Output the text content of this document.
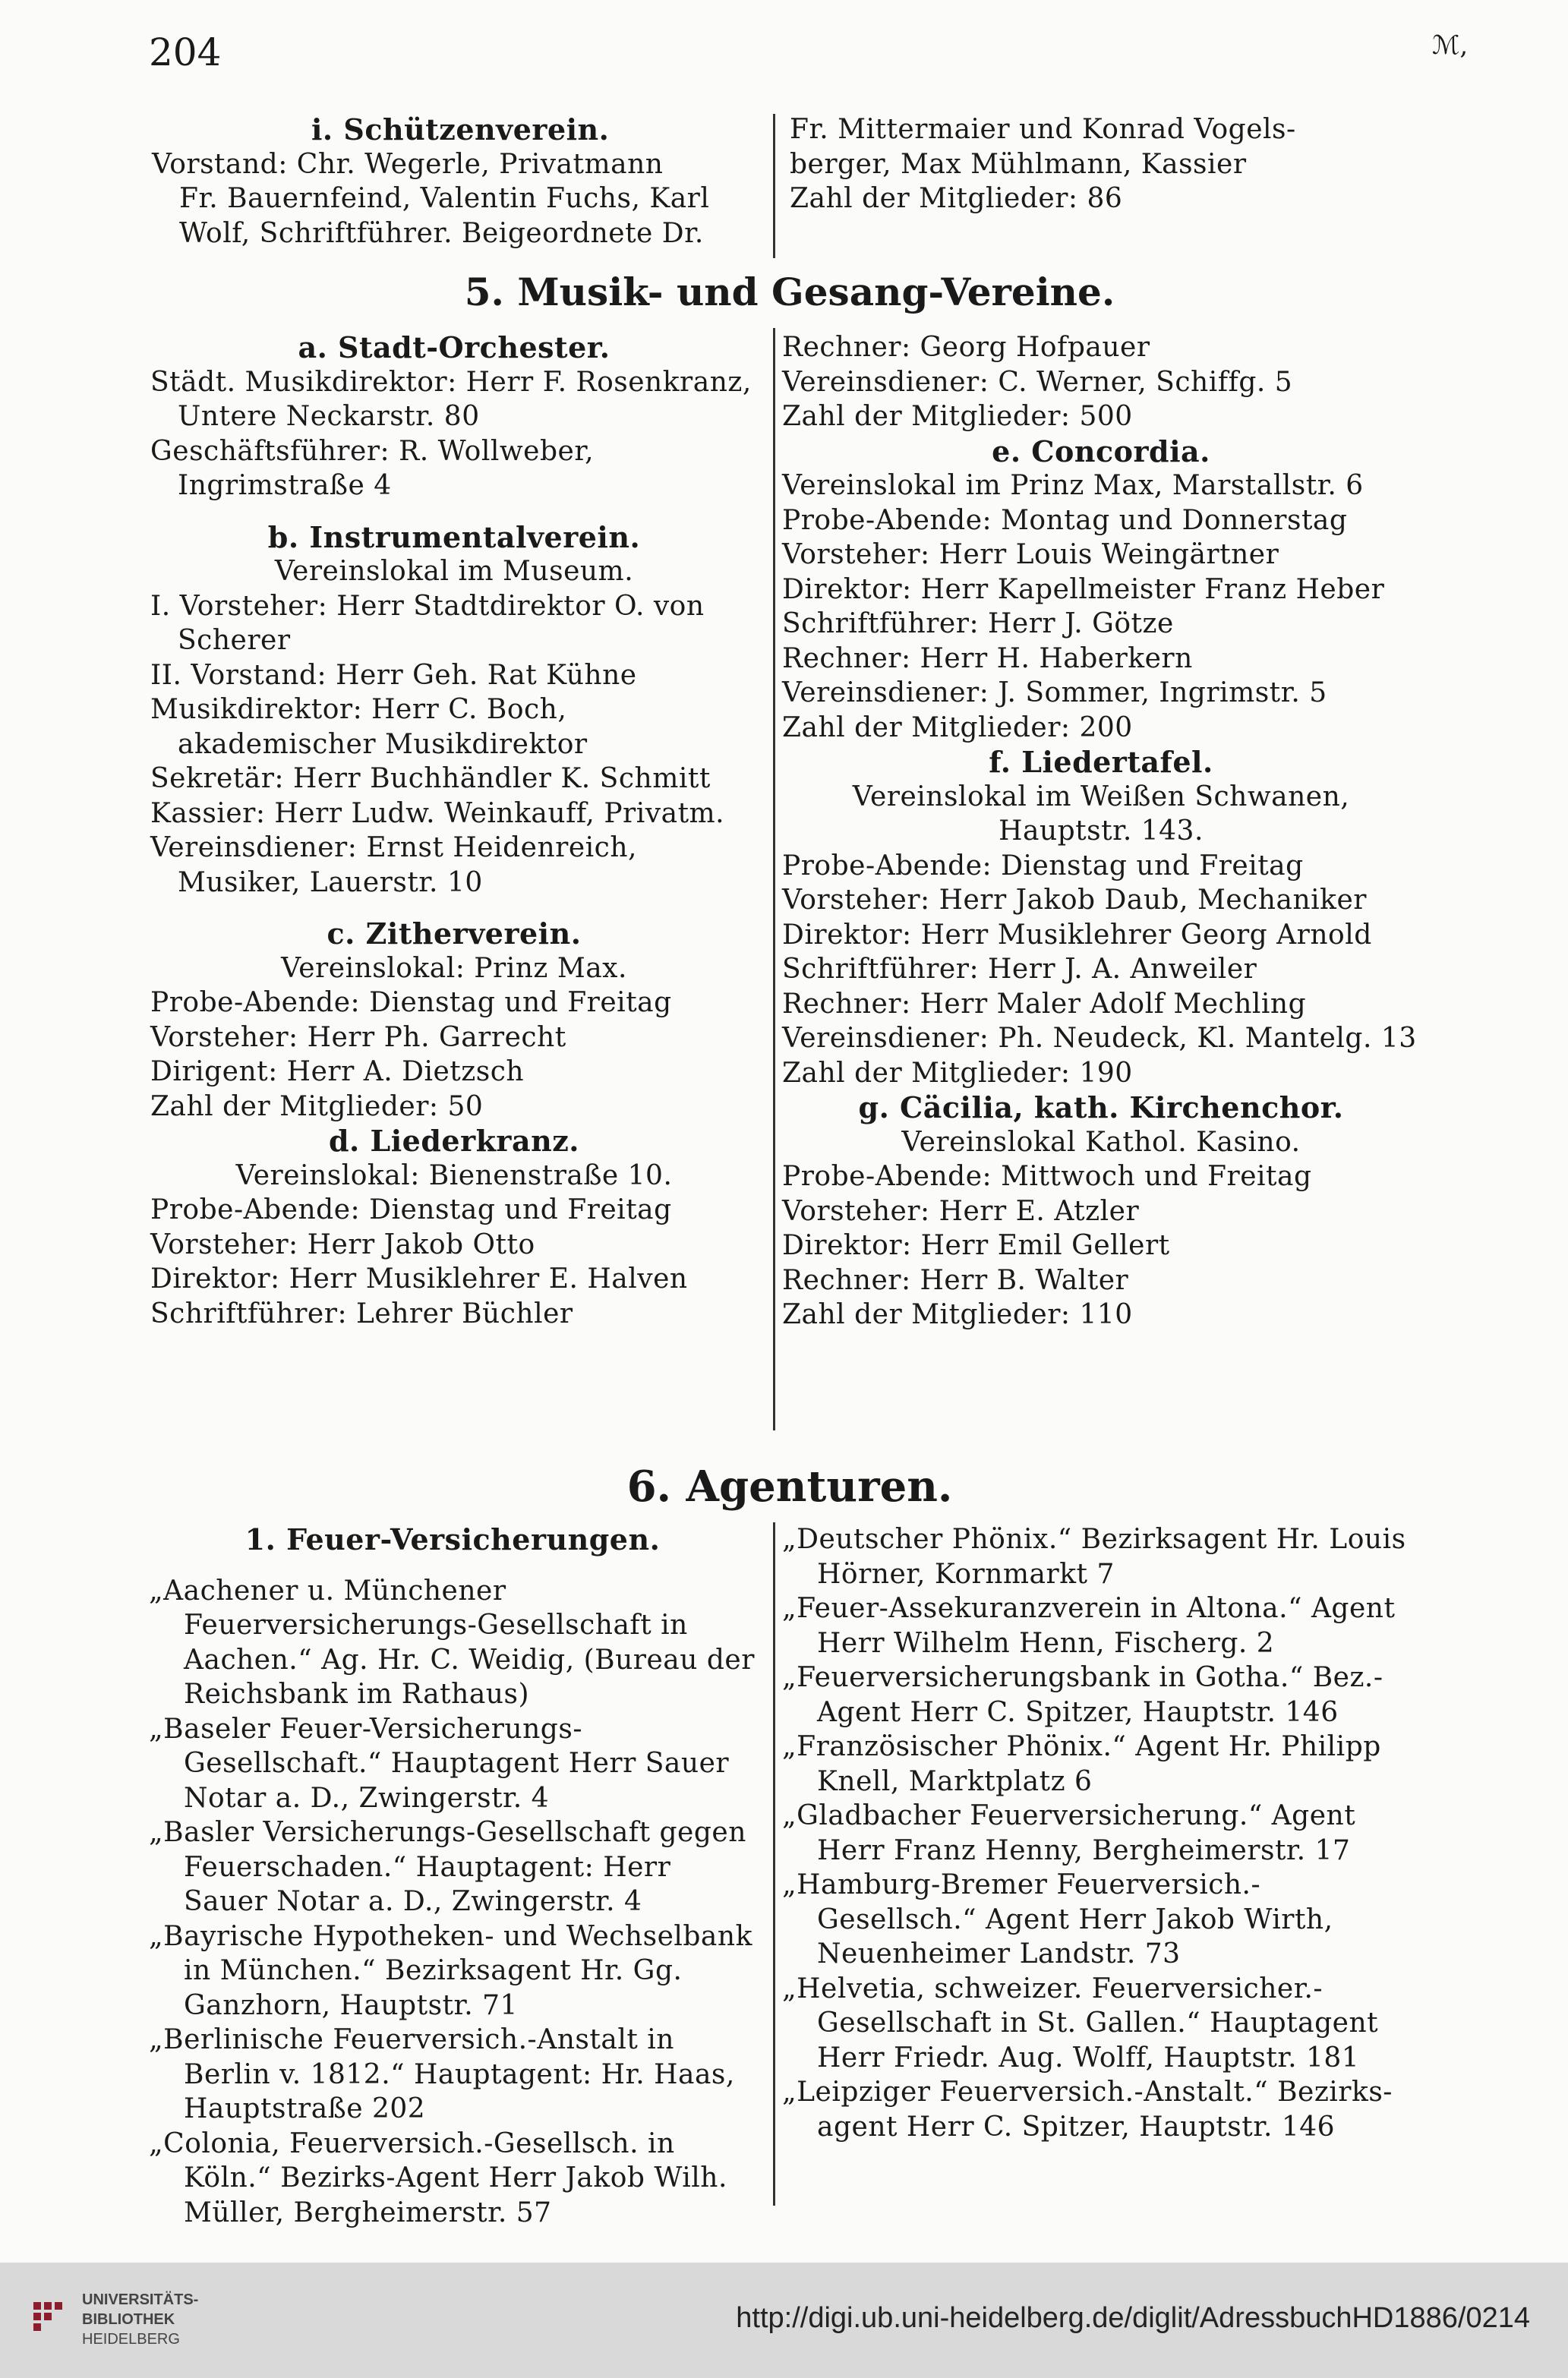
204	ℳ,
i. Schützenverein.
Vorstand: Chr. Wegerle, Privatmann
Fr. Bauernfeind, Valentin Fuchs, Karl
Wolf, Schriftführer. Beigeordnete Dr.
Fr. Mittermaier und Konrad Vogels-
berger, Max Mühlmann, Kassier
Zahl der Mitglieder: 86
5. Musik- und Gesang-Vereine.
a. Stadt-Orchester.
Städt. Musikdirektor: Herr F. Rosenkranz, Untere Neckarstr. 80
Geschäftsführer: R. Wollweber, Ingrimstraße 4
b. Instrumentalverein.
Vereinslokal im Museum.
I. Vorsteher: Herr Stadtdirektor O. von Scherer
II. Vorstand: Herr Geh. Rat Kühne
Musikdirektor: Herr C. Boch, akademischer Musikdirektor
Sekretär: Herr Buchhändler K. Schmitt
Kassier: Herr Ludw. Weinkauff, Privatm.
Vereinsdiener: Ernst Heidenreich, Musiker, Lauerstr. 10
c. Zitherverein.
Vereinslokal: Prinz Max.
Probe-Abende: Dienstag und Freitag
Vorsteher: Herr Ph. Garrecht
Dirigent: Herr A. Dietzsch
Zahl der Mitglieder: 50
d. Liederkranz.
Vereinslokal: Bienenstraße 10.
Probe-Abende: Dienstag und Freitag
Vorsteher: Herr Jakob Otto
Direktor: Herr Musiklehrer E. Halven
Schriftführer: Lehrer Büchler
Rechner: Georg Hofpauer
Vereinsdiener: C. Werner, Schiffg. 5
Zahl der Mitglieder: 500
e. Concordia.
Vereinslokal im Prinz Max, Marstallstr. 6
Probe-Abende: Montag und Donnerstag
Vorsteher: Herr Louis Weingärtner
Direktor: Herr Kapellmeister Franz Heber
Schriftführer: Herr J. Götze
Rechner: Herr H. Haberkern
Vereinsdiener: J. Sommer, Ingrimstr. 5
Zahl der Mitglieder: 200
f. Liedertafel.
Vereinslokal im Weißen Schwanen, Hauptstr. 143.
Probe-Abende: Dienstag und Freitag
Vorsteher: Herr Jakob Daub, Mechaniker
Direktor: Herr Musiklehrer Georg Arnold
Schriftführer: Herr J. A. Anweiler
Rechner: Herr Maler Adolf Mechling
Vereinsdiener: Ph. Neudeck, Kl. Mantelg. 13
Zahl der Mitglieder: 190
g. Cäcilia, kath. Kirchenchor.
Vereinslokal Kathol. Kasino.
Probe-Abende: Mittwoch und Freitag
Vorsteher: Herr E. Atzler
Direktor: Herr Emil Gellert
Rechner: Herr B. Walter
Zahl der Mitglieder: 110
6. Agenturen.
1. Feuer-Versicherungen.
„Aachener u. Münchener Feuerversicherungs-Gesellschaft in Aachen.“ Ag. Hr. C. Weidig, (Bureau der Reichsbank im Rathaus)
„Baseler Feuer-Versicherungs-Gesellschaft.“ Hauptagent Herr Sauer Notar a. D., Zwingerstr. 4
„Basler Versicherungs-Gesellschaft gegen Feuerschaden.“ Hauptagent: Herr Sauer Notar a. D., Zwingerstr. 4
„Bayrische Hypotheken- und Wechselbank in München.“ Bezirksagent Hr. Gg. Ganzhorn, Hauptstr. 71
„Berlinische Feuerversich.-Anstalt in Berlin v. 1812.“ Hauptagent: Hr. Haas, Hauptstraße 202
„Colonia, Feuerversich.-Gesellsch. in Köln.“ Bezirks-Agent Herr Jakob Wilh. Müller, Bergheimerstr. 57
„Deutscher Phönix.“ Bezirksagent Hr. Louis Hörner, Kornmarkt 7
„Feuer-Assekuranzverein in Altona.“ Agent Herr Wilhelm Henn, Fischerg. 2
„Feuerversicherungsbank in Gotha.“ Bez.-Agent Herr C. Spitzer, Hauptstr. 146
„Französischer Phönix.“ Agent Hr. Philipp Knell, Marktplatz 6
„Gladbacher Feuerversicherung.“ Agent Herr Franz Henny, Bergheimerstr. 17
„Hamburg-Bremer Feuerversich.-Gesellsch.“ Agent Herr Jakob Wirth, Neuenheimer Landstr. 73
„Helvetia, schweizer. Feuerversicher.-Gesellschaft in St. Gallen.“ Hauptagent Herr Friedr. Aug. Wolff, Hauptstr. 181
„Leipziger Feuerversich.-Anstalt.“ Bezirks-agent Herr C. Spitzer, Hauptstr. 146
UNIVERSITÄTS-
BIBLIOTHEK
HEIDELBERG
http://digi.ub.uni-heidelberg.de/diglit/AdressbuchHD1886/0214
